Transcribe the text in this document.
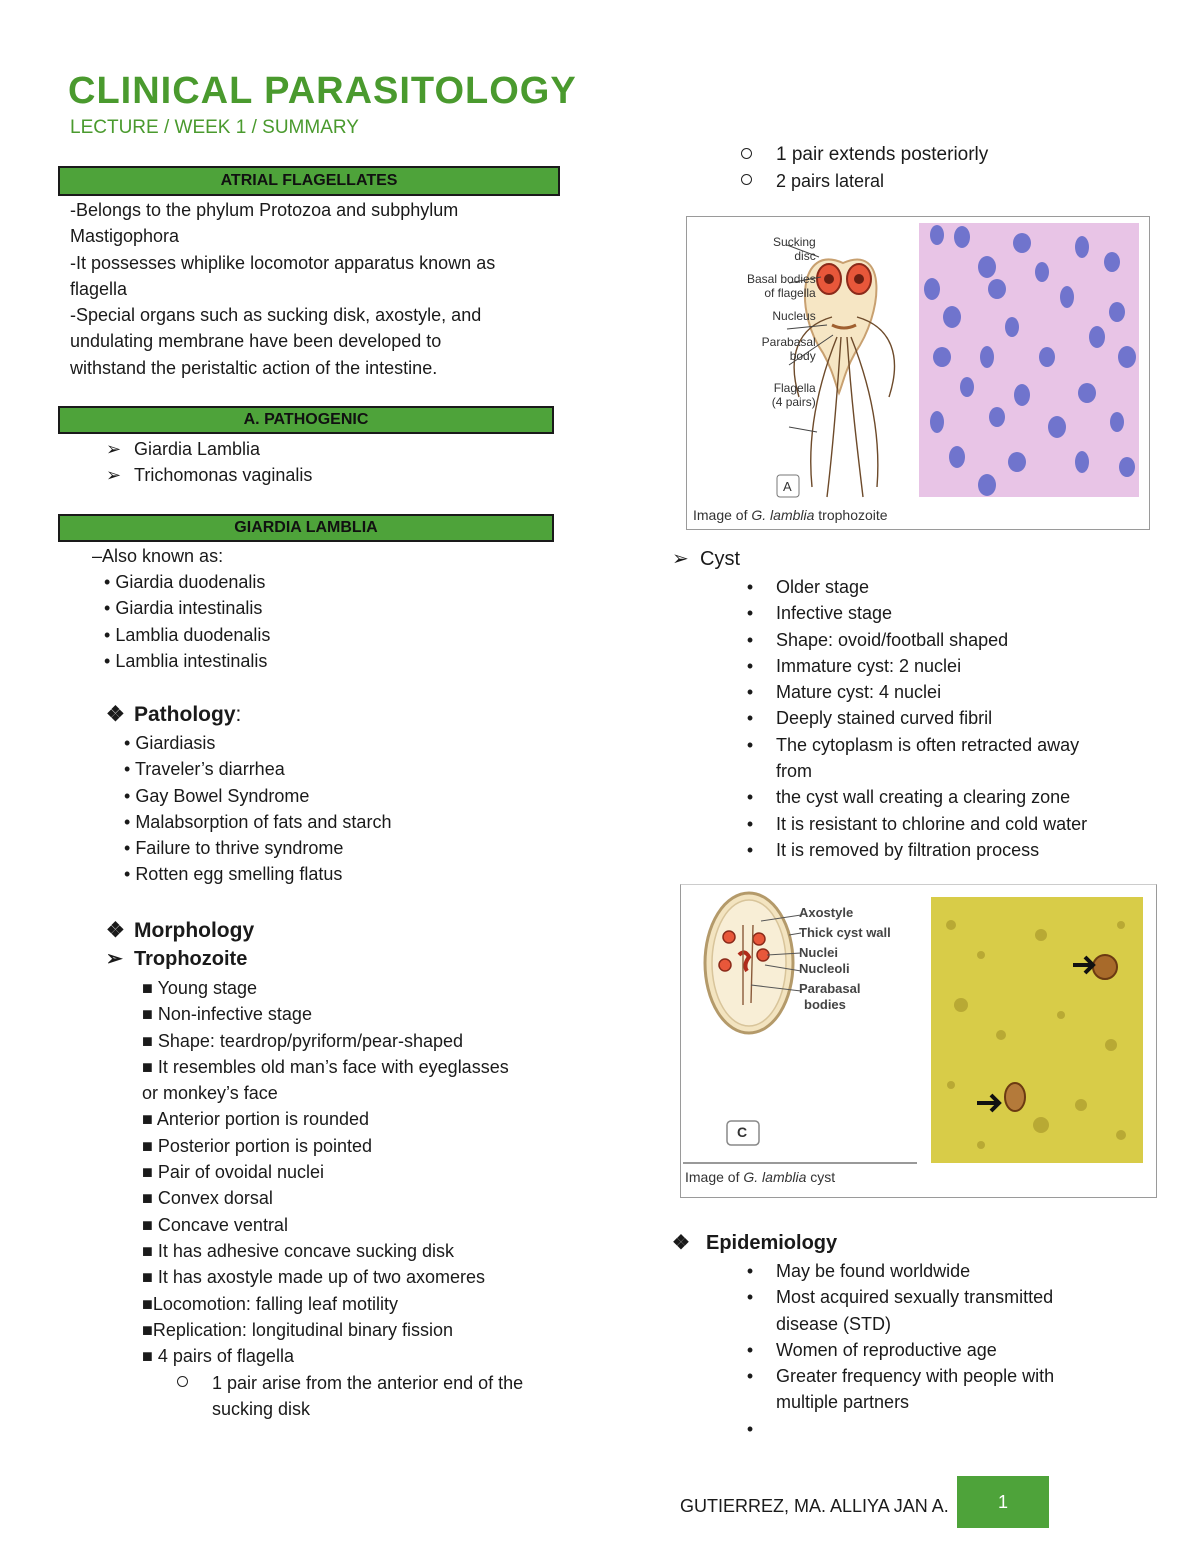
CLINICAL PARASITOLOGY
LECTURE / WEEK 1 / SUMMARY
ATRIAL FLAGELLATES
-Belongs to the phylum Protozoa and subphylum
Mastigophora
-It possesses whiplike locomotor apparatus known as
flagella
-Special organs such as sucking disk, axostyle, and
undulating membrane have been developed to
withstand the peristaltic action of the intestine.
A. PATHOGENIC
➢ Giardia Lamblia
➢ Trichomonas vaginalis
GIARDIA LAMBLIA
–Also known as:
• Giardia duodenalis
• Giardia intestinalis
• Lamblia duodenalis
• Lamblia intestinalis
❖ Pathology:
• Giardiasis
• Traveler’s diarrhea
• Gay Bowel Syndrome
• Malabsorption of fats and starch
• Failure to thrive syndrome
• Rotten egg smelling flatus
❖ Morphology
➢ Trophozoite
■ Young stage
■ Non-infective stage
■ Shape: teardrop/pyriform/pear-shaped
■ It resembles old man’s face with eyeglasses
or monkey’s face
■ Anterior portion is rounded
■ Posterior portion is pointed
■ Pair of ovoidal nuclei
■ Convex dorsal
■ Concave ventral
■ It has adhesive concave sucking disk
■ It has axostyle made up of two axomeres
■Locomotion: falling leaf motility
■Replication: longitudinal binary fission
■ 4 pairs of flagella
1 pair arise from the anterior end of the
sucking disk
1 pair extends posteriorly
2 pairs lateral
Sucking
disc
Basal bodies
of flagella
Nucleus
Parabasal
body
Flagella
(4 pairs)
A
Image of G. lamblia trophozoite
➢ Cyst
•	Older stage
•	Infective stage
•	Shape: ovoid/football shaped
•	Immature cyst: 2 nuclei
•	Mature cyst: 4 nuclei
•	Deeply stained curved fibril
•	The cytoplasm is often retracted away
from
•	the cyst wall creating a clearing zone
•	It is resistant to chlorine and cold water
•	It is removed by filtration process
Axostyle
Thick cyst wall
Nuclei
Nucleoli
Parabasal
bodies
C
Image of G. lamblia cyst
❖ Epidemiology
•	May be found worldwide
•	Most acquired sexually transmitted
disease (STD)
•	Women of reproductive age
•	Greater frequency with people with
multiple partners
•
GUTIERREZ, MA. ALLIYA JAN A.	1
